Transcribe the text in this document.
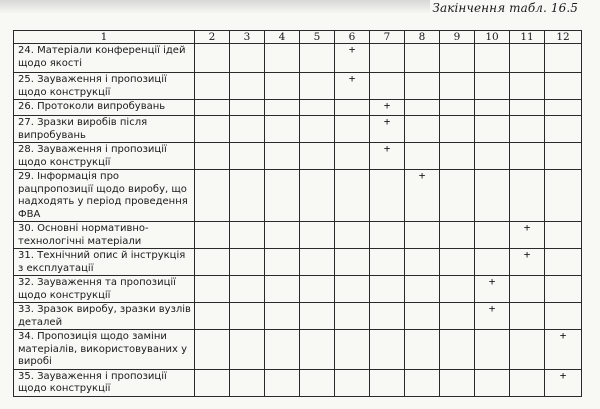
Закінчення табл. 16.5
1	2	3	4	5	6	7	8	9	10	11	12
24. Матеріали конференції ідей щодо якості					+						
25. Зауваження і пропозиції щодо конструкції					+						
26. Протоколи випробувань						+					
27. Зразки виробів після випробувань						+					
28. Зауваження і пропозиції щодо конструкції						+					
29. Інформація про рацпропозиції щодо виробу, що надходять у період проведення ФВА							+				
30. Основні нормативно-технологічні матеріали										+	
31. Технічний опис й інструкція з експлуатації										+	
32. Зауваження та пропозиції щодо конструкції									+		
33. Зразок виробу, зразки вузлів деталей									+		
34. Пропозиція щодо заміни матеріалів, використовуваних у виробі											+
35. Зауваження і пропозиції щодо конструкції											+
